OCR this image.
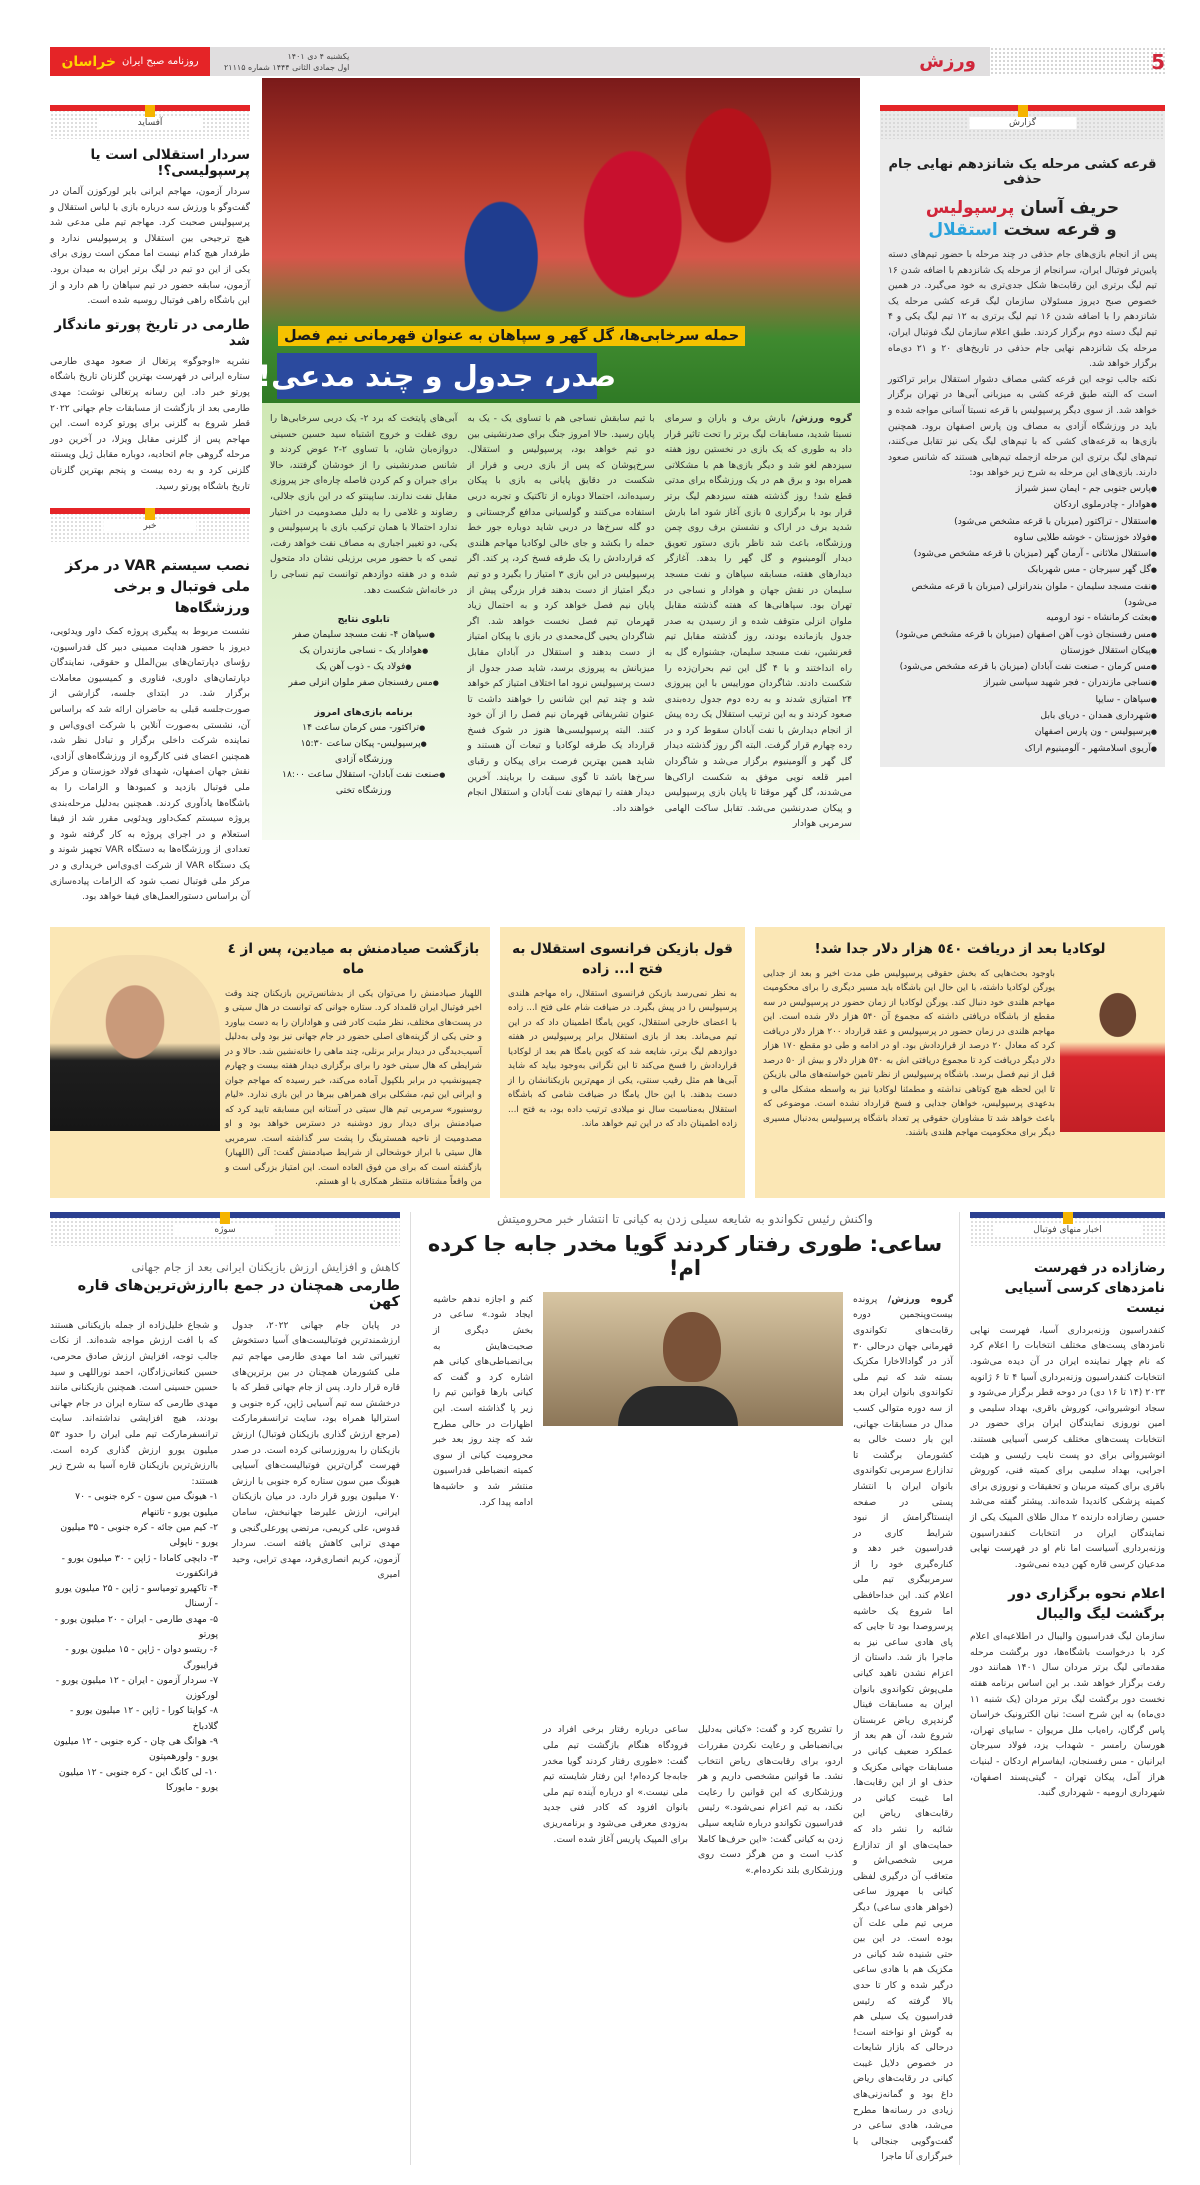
5
ورزش
یکشنبه ۴ دی ۱۴۰۱
اول جمادی الثانی ۱۴۴۴ شماره ۲۱۱۱۵
روزنامه صبح ایران
خراسان
آفساید
سردار استقلالی است یا پرسپولیسی؟!

سردار آزمون، مهاجم ایرانی بایر لورکوزن آلمان در گفت‌وگو با ورزش سه درباره بازی با لباس استقلال و پرسپولیس صحبت کرد. مهاجم تیم ملی مدعی شد هیچ ترجیحی بین استقلال و پرسپولیس ندارد و طرفدار هیچ کدام نیست اما ممکن است روزی برای یکی از این دو تیم در لیگ برتر ایران به میدان برود. آزمون، سابقه حضور در تیم سپاهان را هم دارد و از این باشگاه راهی فوتبال روسیه شده است.

طارمی در تاریخ پورتو ماندگار شد

نشریه «اوجوگو» پرتغال از صعود مهدی طارمی ستاره ایرانی در فهرست بهترین گلزنان تاریخ باشگاه پورتو خبر داد. این رسانه پرتغالی نوشت: مهدی طارمی بعد از بازگشت از مسابقات جام جهانی ۲۰۲۲ قطر شروع به گلزنی برای پورتو کرده است. این مهاجم پس از گلزنی مقابل ویزلا، در آخرین دور مرحله گروهی جام اتحادیه، دوباره مقابل ژیل ویسنته گلزنی کرد و به رده بیست و پنجم بهترین گلزنان تاریخ باشگاه پورتو رسید.

خبر
نصب سیستم VAR در مرکز ملی فوتبال و برخی ورزشگاه‌ها

نشست مربوط به پیگیری پروژه کمک داور ویدئویی، دیروز با حضور هدایت ممبینی دبیر کل فدراسیون، رؤسای دپارتمان‌های بین‌الملل و حقوقی، نمایندگان دپارتمان‌های داوری، فناوری و کمیسیون معاملات برگزار شد. در ابتدای جلسه، گزارشی از صورت‌جلسه قبلی به حاضران ارائه شد که براساس آن، نشستی به‌صورت آنلاین با شرکت ای‌وی‌اس و نماینده شرکت داخلی برگزار و تبادل نظر شد، همچنین اعضای فنی کارگروه از ورزشگاه‌های آزادی، نقش جهان اصفهان، شهدای فولاد خوزستان و مرکز ملی فوتبال بازدید و کمبودها و الزامات را به باشگاه‌ها یادآوری کردند. همچنین به‌دلیل مرحله‌بندی پروژه سیستم کمک‌داور ویدئویی مقرر شد از فیفا استعلام و در اجرای پروژه به کار گرفته شود و تعدادی از ورزشگاه‌ها به دستگاه VAR تجهیز شوند و یک دستگاه VAR از شرکت ای‌وی‌اس خریداری و در مرکز ملی فوتبال نصب شود که الزامات پیاده‌سازی آن براساس دستورالعمل‌های فیفا خواهد بود.

حمله سرخابی‌ها، گل گهر و سپاهان به عنوان قهرمانی نیم فصل
صدر، جدول و چند مدعی!

گروه ورزش/ بارش برف و باران و سرمای نسبتا شدید، مسابقات لیگ برتر را تحت تاثیر قرار داد به طوری که یک بازی در نخستین روز هفته سیزدهم لغو شد و دیگر بازی‌ها هم با مشکلاتی همراه بود و برق هم در یک ورزشگاه برای مدتی قطع شد! روز گذشته هفته سیزدهم لیگ برتر قرار بود با برگزاری ۵ بازی آغاز شود اما بارش شدید برف در اراک و نشستن برف روی چمن ورزشگاه، باعث شد ناظر بازی دستور تعویق دیدار آلومینیوم و گل گهر را بدهد. آغازگر دیدارهای هفته، مسابقه سپاهان و نفت مسجد سلیمان در نقش جهان و هوادار و نساجی در تهران بود. سپاهانی‌ها که هفته گذشته مقابل ملوان انزلی متوقف شده و از رسیدن به صدر جدول بازمانده بودند، روز گذشته مقابل تیم قعرنشین، نفت مسجد سلیمان، جشنواره گل به راه انداختند و با ۴ گل این تیم بحران‌زده را شکست دادند. شاگردان موراییس با این پیروزی ۲۴ امتیازی شدند و به رده دوم جدول رده‌بندی صعود کردند و به این ترتیب استقلال یک رده پیش از انجام دیدارش با نفت آبادان سقوط کرد و در رده چهارم قرار گرفت. البته اگر روز گذشته دیدار گل گهر و آلومینیوم برگزار می‌شد و شاگردان امیر قلعه نویی موفق به شکست اراکی‌ها می‌شدند، گل گهر موقتا تا پایان بازی پرسپولیس و پیکان صدرنشین می‌شد. تقابل ساکت الهامی سرمربی هوادار

با تیم سابقش نساجی هم با تساوی یک - یک به پایان رسید. حالا امروز جنگ برای صدرنشینی بین دو تیم خواهد بود، پرسپولیس و استقلال. سرخ‌پوشان که پس از بازی دربی و فرار از شکست در دقایق پایانی به بازی با پیکان رسیده‌اند، احتمالا دوباره از تاکتیک و تجربه دربی استفاده می‌کنند و گولسیانی مدافع گرجستانی و دو گله سرخ‌ها در دربی شاید دوباره جور خط حمله را بکشد و جای خالی لوکادیا مهاجم هلندی که قرارداد‌ش را یک طرفه فسخ کرد، پر کند. اگر پرسپولیس در این بازی ۳ امتیاز را بگیرد و دو تیم دیگر امتیاز از دست بدهند فرار بزرگی پیش از پایان نیم فصل خواهد کرد و به احتمال زیاد قهرمان تیم فصل نخست خواهد شد. اگر شاگردان یحیی گل‌محمدی در بازی با پیکان امتیاز از دست بدهند و استقلال در آبادان مقابل میزبانش به پیروزی برسد، شاید صدر جدول از دست پرسپولیس نرود اما اختلاف امتیاز کم خواهد شد و چند تیم این شانس را خواهند داشت تا عنوان تشریفاتی قهرمان نیم فصل را از آن خود کنند. البته پرسپولیسی‌ها هنوز در شوک فسخ قرارداد یک طرفه لوکادیا و تبعات آن هستند و شاید همین بهترین فرصت برای پیکان و رقبای سرخ‌ها باشد تا گوی سبقت را بربایند. آخرین دیدار هفته را تیم‌های نفت آبادان و استقلال انجام خواهند داد.

آبی‌های پایتخت که برد ۲- یک دربی سرخابی‌ها را روی غفلت و خروج اشتباه سید حسین حسینی دروازه‌بان شان، با تساوی ۲-۲ عوض کردند و شانس صدرنشینی را از خودشان گرفتند، حالا برای جبران و کم کردن فاصله چاره‌ای جز پیروزی مقابل نفت ندارند. ساپینتو که در این بازی جلالی، رضاوند و غلامی را به دلیل مصدومیت در اختیار ندارد احتمالا با همان ترکیب بازی با پرسپولیس و یکی، دو تغییر اجباری به مصاف نفت خواهد رفت، تیمی که با حضور مربی برزیلی نشان داد متحول شده و در هفته دوازدهم توانست تیم نساجی را در خانه‌اش شکست دهد.

تابلوی نتایج
●سپاهان ۴- نفت مسجد سلیمان صفر
●هوادار یک - نساجی مازندران یک
●فولاد یک - ذوب آهن یک
●مس رفسنجان صفر ملوان انزلی صفر
برنامه بازی‌های امروز
●تراکتور- مس کرمان ساعت ۱۴
●پرسپولیس- پیکان ساعت ۱۵:۳۰
ورزشگاه آزادی
●صنعت نفت آبادان- استقلال ساعت ۱۸:۰۰
ورزشگاه تختی
گزارش
قرعه کشی مرحله یک شانزدهم نهایی جام حذفی
حریف آسان پرسپولیس
و قرعه سخت استقلال

پس از انجام بازی‌های جام حذفی در چند مرحله با حضور تیم‌های دسته پایین‌تر فوتبال ایران، سرانجام از مرحله یک شانزدهم با اضافه شدن ۱۶ تیم لیگ برتری این رقابت‌ها شکل جدی‌تری به خود می‌گیرد. در همین خصوص صبح دیروز مسئولان سازمان لیگ قرعه کشی مرحله یک شانزدهم را با اضافه شدن ۱۶ تیم لیگ برتری به ۱۲ تیم لیگ یکی و ۴ تیم لیگ دسته دوم برگزار کردند. طبق اعلام سازمان لیگ فوتبال ایران، مرحله یک شانزدهم نهایی جام حذفی در تاریخ‌های ۲۰ و ۲۱ دی‌ماه برگزار خواهد شد.

نکته جالب توجه این قرعه کشی مصاف دشوار استقلال برابر تراکتور است که البته طبق قرعه کشی به میزبانی آبی‌ها در تهران برگزار خواهد شد. از سوی دیگر پرسپولیس با قرعه نسبتا آسانی مواجه شده و باید در ورزشگاه آزادی به مصاف ون پارس اصفهان برود. همچنین بازی‌ها به قرعه‌های کشی که با تیم‌های لیگ یکی نیز تقابل می‌کنند، تیم‌های لیگ برتری این مرحله ازجمله تیم‌هایی هستند که شانس صعود دارند. بازی‌های این مرحله به شرح زیر خواهد بود:

●پارس جنوبی جم - ایمان سبز شیراز
●هوادار - چادرملوی اردکان
●استقلال - تراکتور (میزبان با قرعه مشخص می‌شود)
●فولاد خوزستان - خوشه طلایی ساوه
●استقلال ملاثانی - آرمان گهر (میزبان با قرعه مشخص می‌شود)
●گل گهر سیرجان - مس شهربابک
●نفت مسجد سلیمان - ملوان بندرانزلی (میزبان با قرعه مشخص می‌شود)
●بعثت کرمانشاه - نود ارومیه
●مس رفسنجان ذوب آهن اصفهان (میزبان با قرعه مشخص می‌شود)
●پیکان استقلال خوزستان
●مس کرمان - صنعت نفت آبادان (میزبان با قرعه مشخص می‌شود)
●نساجی مازندران - فجر شهید سپاسی شیراز
●سپاهان - سایپا
●شهرداری همدان - دریای بابل
●پرسپولیس - ون پارس اصفهان
●آریوی اسلامشهر - آلومینیوم اراک
بازگشت صیادمنش به میادین، پس از ٤ ماه

اللهیار صیادمنش را می‌توان یکی از بدشانس‌ترین بازیکنان چند وقت اخیر فوتبال ایران قلمداد کرد. ستاره جوانی که توانست در هال سیتی و در پست‌های مختلف، نظر مثبت کادر فنی و هواداران را به دست بیاورد و حتی یکی از گزینه‌های اصلی حضور در جام جهانی نیز بود ولی به‌دلیل آسیب‌دیدگی در دیدار برابر برنلی، چند ماهی را خانه‌نشین شد. حالا و در شرایطی که هال سیتی خود را برای برگزاری دیدار هفته بیست و چهارم چمپیونشیپ در برابر بلکپول آماده می‌کند، خبر رسیده که مهاجم جوان و ایرانی این تیم، مشکلی برای همراهی ببرها در این بازی ندارد. «لیام روسنیور» سرمربی تیم هال سیتی در آستانه این مسابقه تایید کرد که صیادمنش برای دیدار روز دوشنبه در دسترس خواهد بود و او مصدومیت از ناحیه همسترینگ را پشت سر گذاشته است. سرمربی هال سیتی با ابراز خوشحالی از شرایط صیادمنش گفت: آلی (اللهیار) بازگشته است که برای من فوق العاده است. این امتیاز بزرگی است و من واقعاً مشتاقانه منتظر همکاری با او هستم.

قول بازیکن فرانسوی استقلال به فتح ا... زاده

به نظر نمی‌رسد بازیکن فرانسوی استقلال، راه مهاجم هلندی پرسپولیس را در پیش بگیرد. در ضیافت شام علی فتح ا... زاده با اعضای خارجی استقلال، کوین یامگا اطمینان داد که در این تیم می‌ماند. بعد از بازی استقلال برابر پرسپولیس در هفته دوازدهم لیگ برتر، شایعه شد که کوین یامگا هم بعد از لوکادیا قراردادش را فسخ می‌کند تا این نگرانی به‌وجود بیاید که شاید آبی‌ها هم مثل رقیب سنتی، یکی از مهم‌ترین بازیکنانشان را از دست بدهند. با این حال یامگا در ضیافت شامی که باشگاه استقلال به‌مناسبت سال نو میلادی ترتیب داده بود، به فتح ا... زاده اطمینان داد که در این تیم خواهد ماند.

لوکادیا بعد از دریافت ٥٤٠ هزار دلار جدا شد!

باوجود بحث‌هایی که بخش حقوقی پرسپولیس طی مدت اخیر و بعد از جدایی یورگن لوکادیا داشته، با این حال این باشگاه باید مسیر دیگری را برای محکومیت مهاجم هلندی خود دنبال کند. یورگن لوکادیا از زمان حضور در پرسپولیس در سه مقطع از باشگاه دریافتی داشته که مجموع آن ۵۴۰ هزار دلار شده است. این مهاجم هلندی در زمان حضور در پرسپولیس و عقد قرارداد ۲۰۰ هزار دلار دریافت کرد که معادل ۲۰ درصد از قراردادش بود. او در ادامه و طی دو مقطع ۱۷۰ هزار دلار دیگر دریافت کرد تا مجموع دریافتی اش به ۵۴۰ هزار دلار و بیش از ۵۰ درصد قبل از نیم فصل برسد. باشگاه پرسپولیس از نظر تامین خواسته‌های مالی بازیکن تا این لحظه هیچ کوتاهی نداشته و مطمئنا لوکادیا نیز به واسطه مشکل مالی و بدعهدی پرسپولیس، خواهان جدایی و فسخ قرارداد نشده است. موضوعی که باعث خواهد شد تا مشاوران حقوقی پر تعداد باشگاه پرسپولیس به‌دنبال مسیری دیگر برای محکومیت مهاجم هلندی باشند.

سوژه
کاهش و افزایش ارزش بازیکنان ایرانی بعد از جام جهانی
طارمی همچنان در جمع باارزش‌ترین‌های قاره کهن

در پایان جام جهانی ۲۰۲۲، جدول ارزشمندترین فوتبالیست‌های آسیا دستخوش تغییراتی شد اما مهدی طارمی مهاجم تیم ملی کشورمان همچنان در بین برترین‌های قاره قرار دارد. پس از جام جهانی قطر که با درخشش سه تیم آسیایی ژاپن، کره جنوبی و استرالیا همراه بود، سایت ترانسفرمارکت (مرجع ارزش گذاری بازیکنان فوتبال) ارزش بازیکنان را به‌روزرسانی کرده است. در صدر فهرست گران‌ترین فوتبالیست‌های آسیایی هیونگ مین سون ستاره کره جنوبی با ارزش ۷۰ میلیون یورو قرار دارد. در میان بازیکنان ایرانی، ارزش علیرضا جهانبخش، سامان قدوس، علی کریمی، مرتضی پورعلی‌گنجی و مهدی ترابی کاهش یافته است. سردار آزمون، کریم انصاری‌فرد، مهدی ترابی، وحید امیری

و شجاع خلیل‌زاده از جمله بازیکنانی هستند که با افت ارزش مواجه شده‌اند. از نکات جالب توجه، افزایش ارزش صادق محرمی، حسین کنعانی‌زادگان، احمد نوراللهی و سید حسین حسینی است. همچنین بازیکنانی مانند مهدی طارمی که ستاره ایران در جام جهانی بودند، هیچ افزایشی نداشته‌اند. سایت ترانسفرمارکت تیم ملی ایران را حدود ۵۳ میلیون یورو ارزش گذاری کرده است. باارزش‌ترین بازیکنان قاره آسیا به شرح زیر هستند:

۱- هیونگ مین سون - کره جنوبی - ۷۰ میلیون یورو - تاتنهام
۲- کیم مین جائه - کره جنوبی - ۳۵ میلیون یورو - ناپولی
۳- دایچی کامادا - ژاپن - ۳۰ میلیون یورو - فرانکفورت
۴- تاکهیرو تومیاسو - ژاپن - ۲۵ میلیون یورو - آرسنال
۵- مهدی طارمی - ایران - ۲۰ میلیون یورو - پورتو
۶- ریتسو دوان - ژاپن - ۱۵ میلیون یورو - فرایبورگ
۷- سردار آزمون - ایران - ۱۲ میلیون یورو - لورکوزن
۸- کوایتا کورا - ژاپن - ۱۲ میلیون یورو - گلادباخ
۹- هوانگ هی چان - کره جنوبی - ۱۲ میلیون یورو - ولورهمپتون
۱۰- لی کانگ این - کره جنوبی - ۱۲ میلیون یورو - مایورکا
واکنش رئیس تکواندو به شایعه سیلی زدن به کیانی تا انتشار خبر محرومیتش
ساعی: طوری رفتار کردند گویا مخدر جابه جا کرده ام!

گروه ورزش/ پرونده بیست‌وپنجمین دوره رقابت‌های تکواندوی قهرمانی جهان درحالی ۳۰ آذر در گوادالاخارا مکزیک بسته شد که تیم ملی تکواندوی بانوان ایران بعد از سه دوره متوالی کسب مدال در مسابقات جهانی، این بار دست خالی به کشورمان برگشت تا تدازارع سرمربی تکواندوی بانوان ایران با انتشار پستی در صفحه اینستاگرامش از نبود شرایط کاری در فدراسیون خبر دهد و کناره‌گیری خود را از سرمربیگری تیم ملی اعلام کند. این خداحافظی اما شروع یک حاشیه پرسروصدا بود تا جایی که پای هادی ساعی نیز به ماجرا باز شد. داستان از اعزام نشدن ناهید کیانی ملی‌پوش تکواندوی بانوان ایران به مسابقات فینال گرندپری ریاض عربستان شروع شد، آن هم بعد از عملکرد ضعیف کیانی در مسابقات جهانی مکزیک و حذف او از این رقابت‌ها. اما غیبت کیانی در رقابت‌های ریاض این شائبه را نشر داد که حمایت‌های او از تدازارع مربی شخصی‌اش و متعاقب آن درگیری لفظی کیانی با مهروز ساعی (خواهر هادی ساعی) دیگر مربی تیم ملی علت آن بوده است. در این بین حتی شنیده شد کیانی در مکزیک هم با هادی ساعی درگیر شده و کار تا حدی بالا گرفته که رئیس فدراسیون یک سیلی هم به گوش او نواخته است! درحالی که بازار شایعات در خصوص دلایل غیبت کیانی در رقابت‌های ریاض داغ بود و گمانه‌زنی‌های زیادی در رسانه‌ها مطرح می‌شد، هادی ساعی در گفت‌وگویی جنجالی با خبرگزاری آنا ماجرا

کنم و اجازه ندهم حاشیه ایجاد شود.» ساعی در بخش دیگری از صحبت‌هایش به بی‌انضباطی‌های کیانی هم اشاره کرد و گفت که کیانی بارها قوانین تیم را زیر پا گذاشته است. این اظهارات در حالی مطرح شد که چند روز بعد خبر محرومیت کیانی از سوی کمیته انضباطی فدراسیون منتشر شد و حاشیه‌ها ادامه پیدا کرد.

را تشریح کرد و گفت: «کیانی به‌دلیل بی‌انضباطی و رعایت نکردن مقررات اردو، برای رقابت‌های ریاض انتخاب نشد. ما قوانین مشخصی داریم و هر ورزشکاری که این قوانین را رعایت نکند، به تیم اعزام نمی‌شود.» رئیس فدراسیون تکواندو درباره شایعه سیلی زدن به کیانی گفت: «این حرف‌ها کاملا کذب است و من هرگز دست روی ورزشکاری بلند نکرده‌ام.»

ساعی درباره رفتار برخی افراد در فرودگاه هنگام بازگشت تیم ملی گفت: «طوری رفتار کردند گویا مخدر جابه‌جا کرده‌ام! این رفتار شایسته تیم ملی نیست.» او درباره آینده تیم ملی بانوان افزود که کادر فنی جدید به‌زودی معرفی می‌شود و برنامه‌ریزی برای المپیک پاریس آغاز شده است.

اخبار منهای فوتبال
رضازاده در فهرست نامزدهای کرسی آسیایی نیست

کنفدراسیون وزنه‌برداری آسیا، فهرست نهایی نامزدهای پست‌های مختلف انتخابات را اعلام کرد که نام چهار نماینده ایران در آن دیده می‌شود. انتخابات کنفدراسیون وزنه‌برداری آسیا ۴ تا ۶ ژانویه ۲۰۲۳ (۱۴ تا ۱۶ دی) در دوحه قطر برگزار می‌شود و سجاد انوشیروانی، کوروش باقری، بهداد سلیمی و امین نوروزی نمایندگان ایران برای حضور در انتخابات پست‌های مختلف کرسی آسیایی هستند. انوشیروانی برای دو پست نایب رئیسی و هیئت اجرایی، بهداد سلیمی برای کمیته فنی، کوروش باقری برای کمیته مربیان و تحقیقات و نوروزی برای کمیته پزشکی کاندیدا شده‌اند. پیشتر گفته می‌شد حسین رضازاده دارنده ۲ مدال طلای المپیک یکی از نمایندگان ایران در انتخابات کنفدراسیون وزنه‌برداری آسیاست اما نام او در فهرست نهایی مدعیان کرسی قاره کهن دیده نمی‌شود.

اعلام نحوه برگزاری دور برگشت لیگ والیبال

سازمان لیگ فدراسیون والیبال در اطلاعیه‌ای اعلام کرد با درخواست باشگاه‌ها، دور برگشت مرحله مقدماتی لیگ برتر مردان سال ۱۴۰۱ همانند دور رفت برگزار خواهد شد. بر این اساس برنامه هفته نخست دور برگشت لیگ برتر مردان (یک شنبه ۱۱ دی‌ماه) به این شرح است: نیان الکترونیک خراسان پاس گرگان، راه‌یاب ملل مریوان - سایپای تهران، هورسان رامسر - شهداب یزد، فولاد سیرجان ایرانیان - مس رفسنجان، ایفاسرام اردکان - لبنیات هراز آمل، پیکان تهران - گیتی‌پسند اصفهان، شهرداری ارومیه - شهرداری گنبد.
